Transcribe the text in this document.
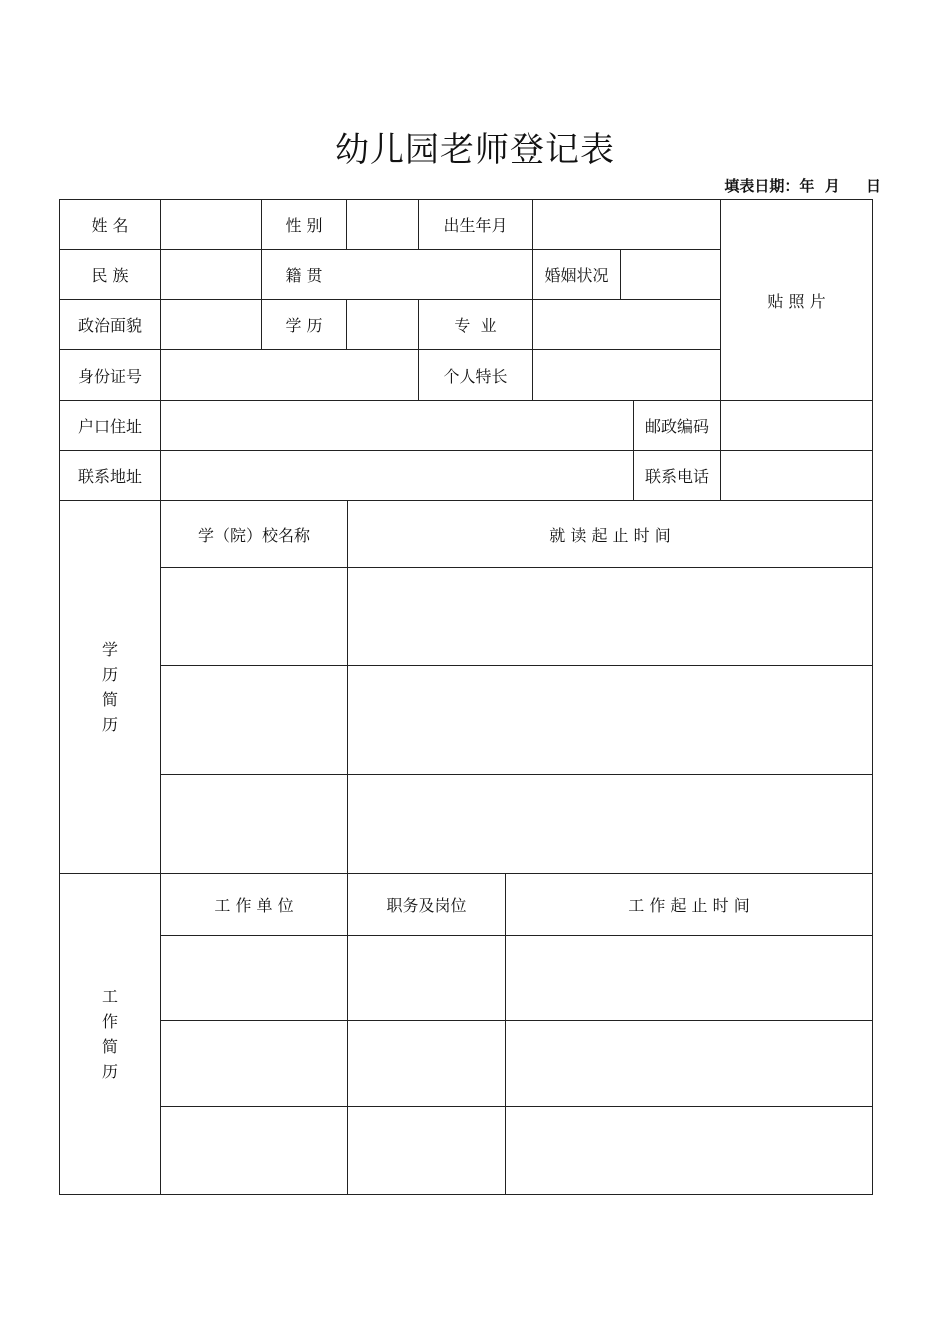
幼儿园老师登记表
填表日期：年  月 日
姓 名	性 别	出生年月
贴 照 片
民 族	籍 贯	婚姻状况
政治面貌	学 历	专  业
身份证号	个人特长
户口住址	邮政编码
联系地址	联系电话
学历简历
学（院）校名称	就 读 起 止 时 间
工作简历
工 作 单 位	职务及岗位	工 作 起 止 时 间
